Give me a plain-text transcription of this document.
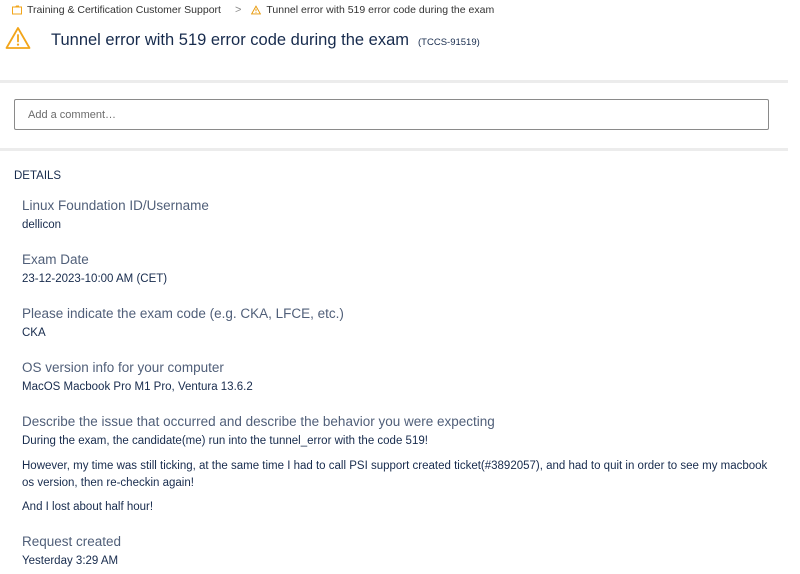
Training & Certification Customer Support > Tunnel error with 519 error code during the exam
Tunnel error with 519 error code during the exam (TCCS-91519)
Add a comment…
DETAILS
Linux Foundation ID/Username
dellicon
Exam Date
23-12-2023-10:00 AM (CET)
Please indicate the exam code (e.g. CKA, LFCE, etc.)
CKA
OS version info for your computer
MacOS Macbook Pro M1 Pro, Ventura 13.6.2
Describe the issue that occurred and describe the behavior you were expecting
During the exam, the candidate(me) run into the tunnel_error with the code 519!
However, my time was still ticking, at the same time I had to call PSI support created ticket(#3892057), and had to quit in order to see my macbook os version, then re-checkin again!
And I lost about half hour!
Request created
Yesterday 3:29 AM
